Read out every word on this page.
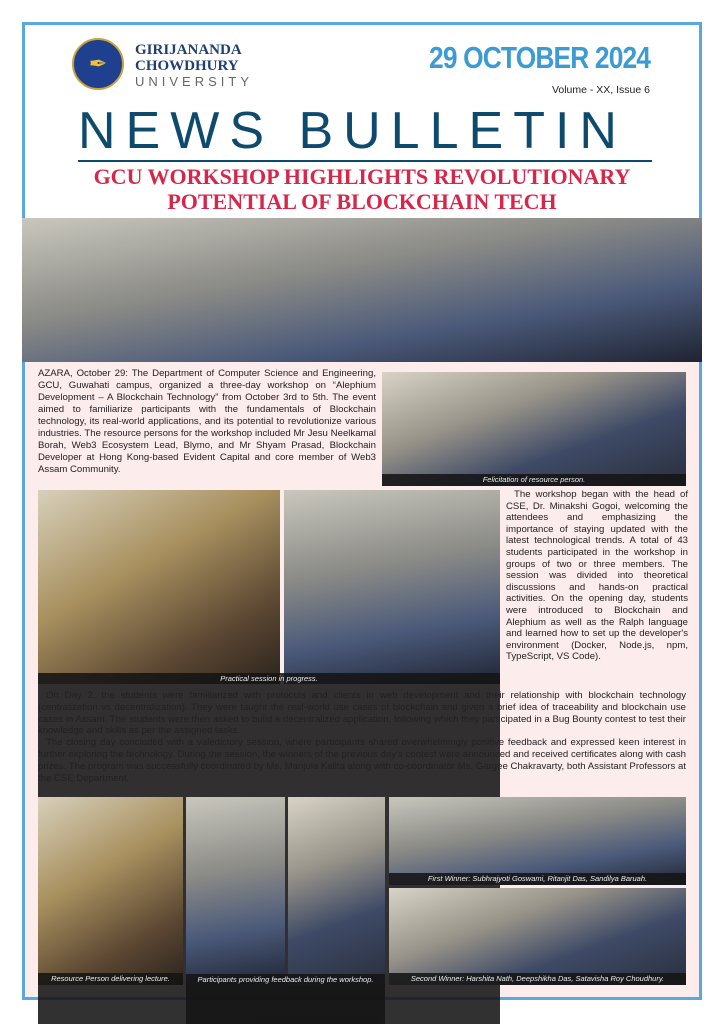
✒
GIRIJANANDA
CHOWDHURY
UNIVERSITY
29 OCTOBER 2024
Volume - XX, Issue 6
NEWS BULLETIN
GCU WORKSHOP HIGHLIGHTS REVOLUTIONARY
POTENTIAL OF BLOCKCHAIN TECH
AZARA, October 29: The Department of Computer Science and Engineering, GCU, Guwahati campus, organized a three-day workshop on “Alephium Development – A Blockchain Technology” from October 3rd to 5th. The event aimed to familiarize participants with the fundamentals of Blockchain technology, its real-world applications, and its potential to revolutionize various industries. The resource persons for the workshop included Mr Jesu Neelkamal Borah, Web3 Ecosystem Lead, Blymo, and Mr Shyam Prasad, Blockchain Developer at Hong Kong-based Evident Capital and core member of Web3 Assam Community.
Felicitation of resource person.
Practical session in progress.

The workshop began with the head of CSE, Dr. Minakshi Gogoi, welcoming the attendees and emphasizing the importance of staying updated with the latest technological trends. A total of 43 students participated in the workshop in groups of two or three members. The session was divided into theoretical discussions and hands-on practical activities. On the opening day, students were introduced to Blockchain and Alephium as well as the Ralph language and learned how to set up the developer's environment (Docker, Node.js, npm, TypeScript, VS Code).

On Day 2, the students were familiarized with protocols and clients in web development and their relationship with blockchain technology (centralization vs decentralization). They were taught the real-world use cases of blockchain and given a brief idea of traceability and blockchain use cases in Assam. The students were then asked to build a decentralized application, following which they participated in a Bug Bounty contest to test their knowledge and skills as per the assigned tasks.

The closing day concluded with a valedictory session, where participants shared overwhelmingly positive feedback and expressed keen interest in further exploring the technology. During the session, the winners of the previous day’s contest were announced and received certificates along with cash prizes. The program was successfully coordinated by Ms. Manjula Kalita along with co-coordinator Ms. Gargee Chakravarty, both Assistant Professors at the CSE Department.

Resource Person delivering lecture.	Participants providing feedback during the workshop.
First Winner: Subhrajyoti Goswami, Ritanjit Das, Sandilya Baruah.
Second Winner: Harshita Nath, Deepshikha Das, Satavisha Roy Choudhury.
